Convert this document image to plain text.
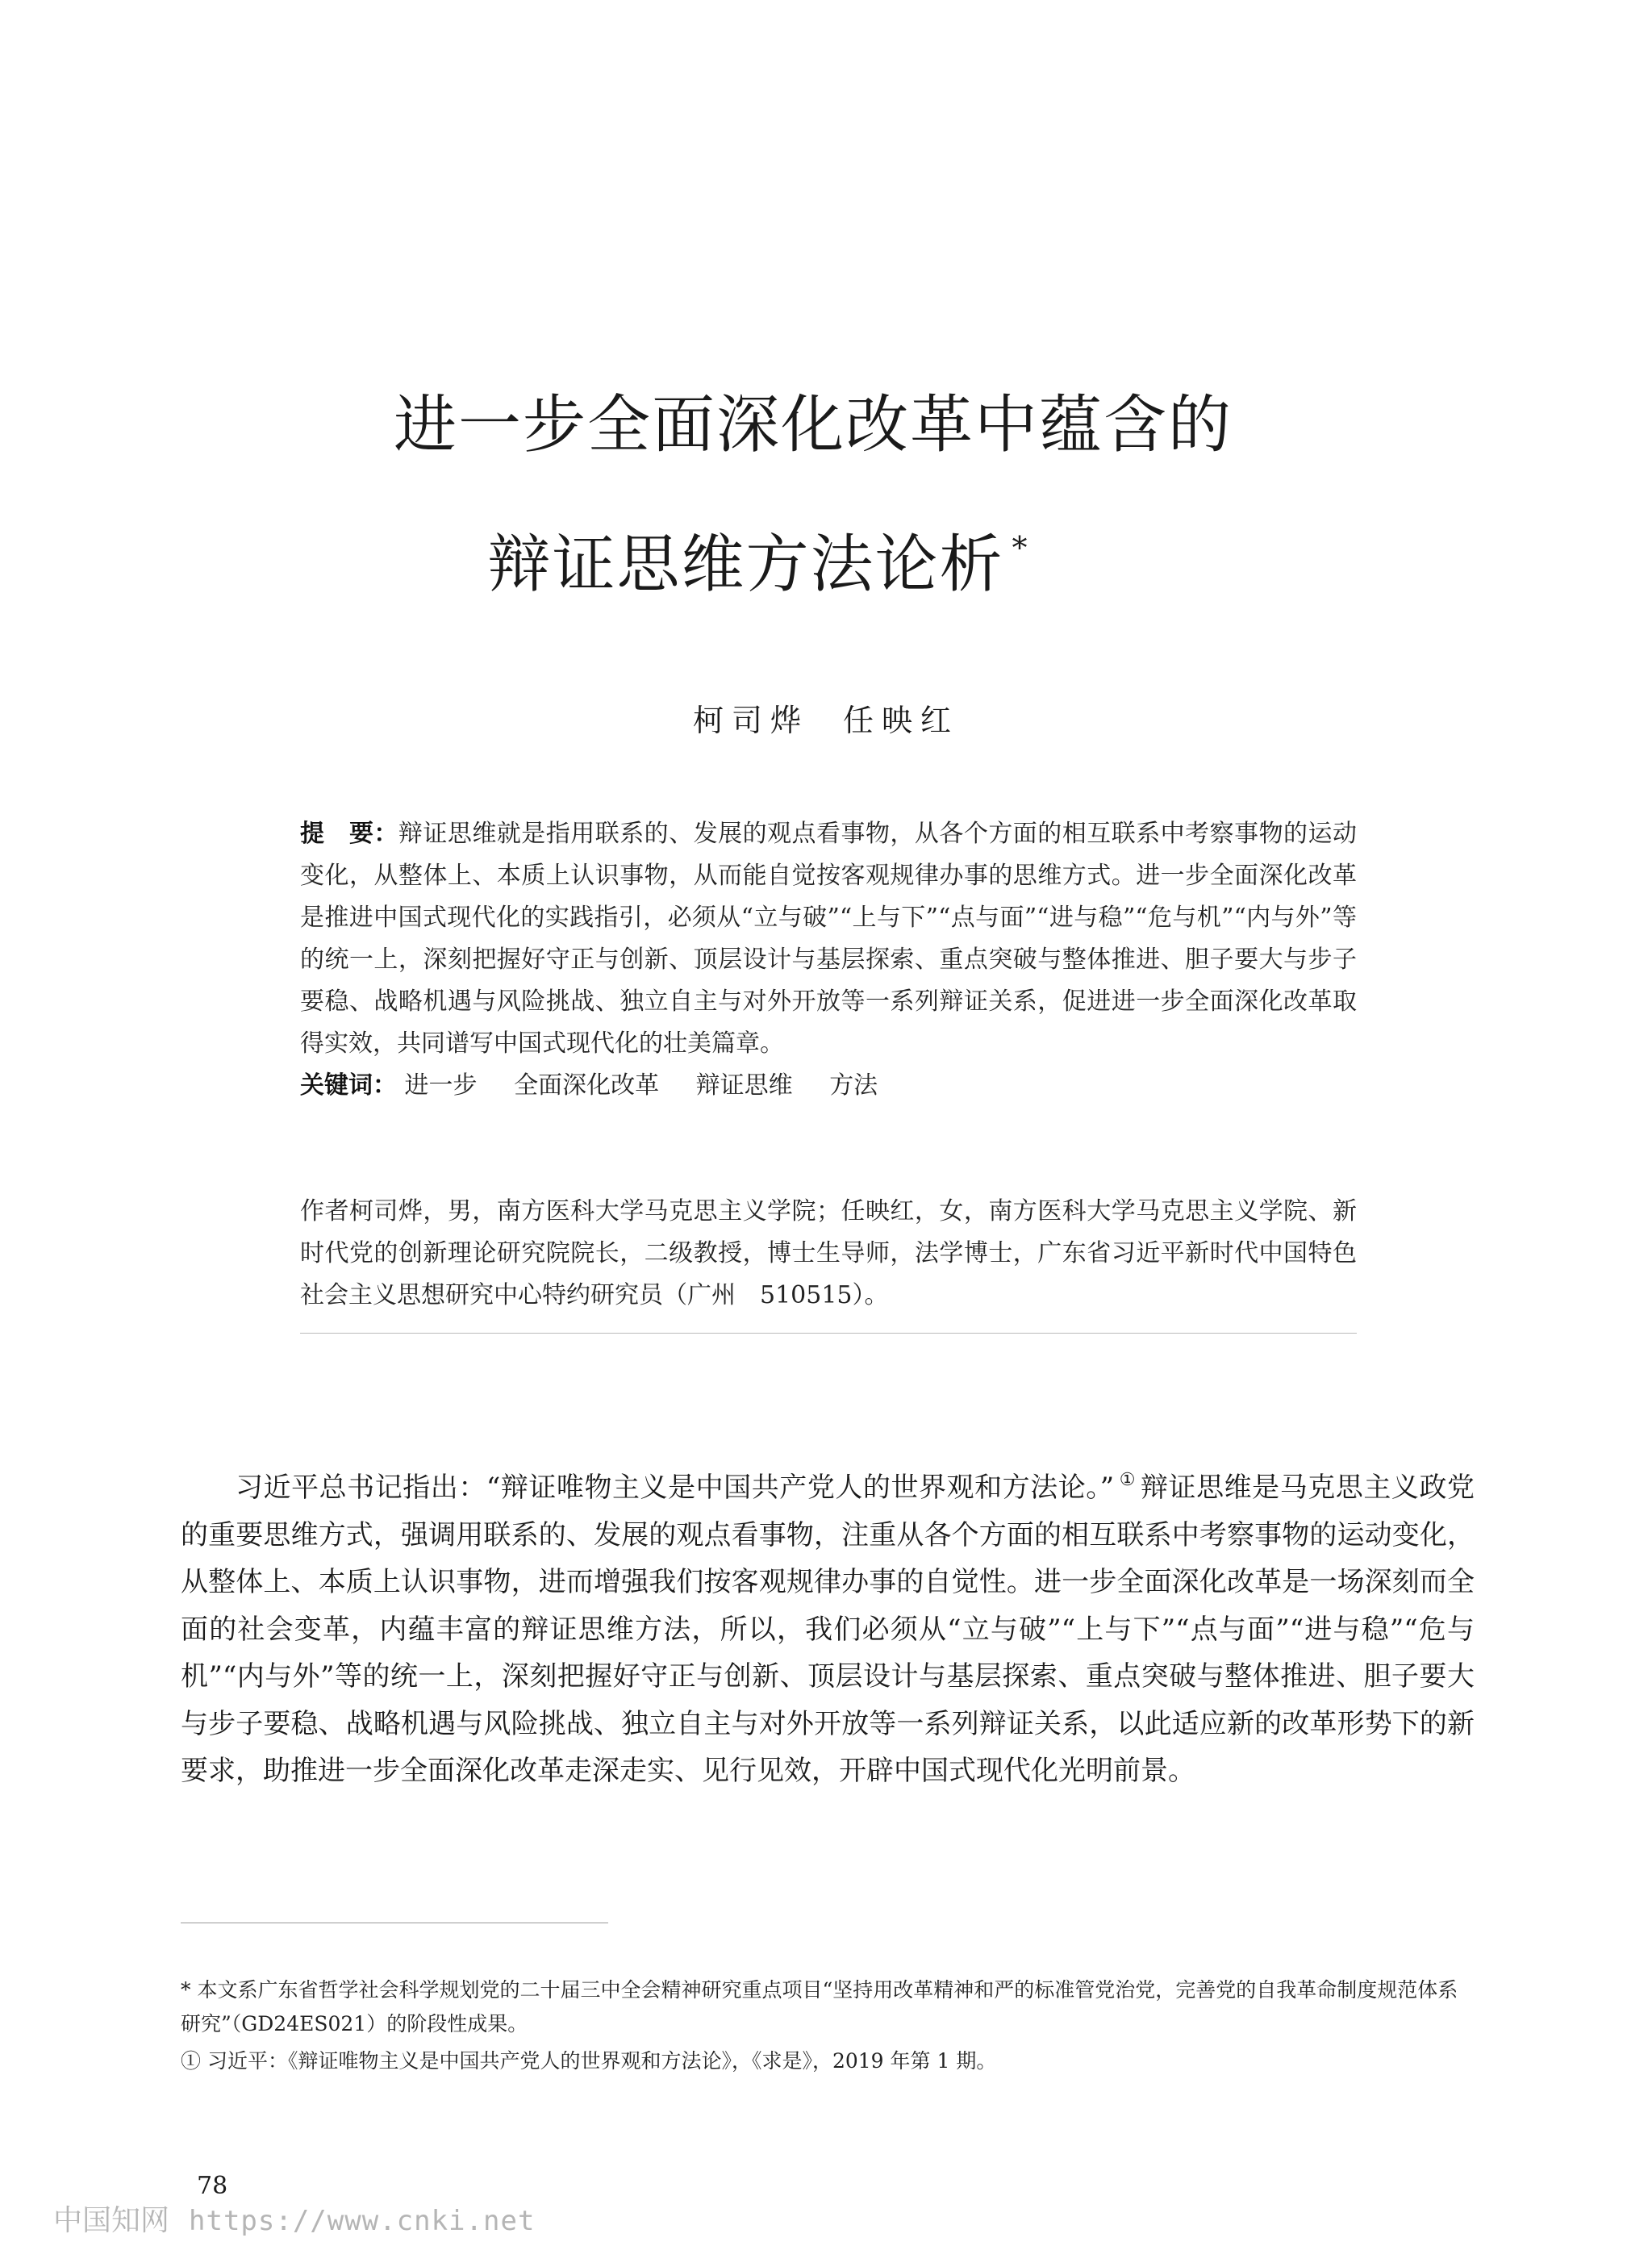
进一步全面深化改革中蕴含的
辩证思维方法论析 *
柯司烨 任映红
提　要：辩证思维就是指用联系的、发展的观点看事物，从各个方面的相互联系中考察事物的运动变化，从整体上、本质上认识事物，从而能自觉按客观规律办事的思维方式。进一步全面深化改革是推进中国式现代化的实践指引，必须从“立与破”“上与下”“点与面”“进与稳”“危与机”“内与外”等的统一上，深刻把握好守正与创新、顶层设计与基层探索、重点突破与整体推进、胆子要大与步子要稳、战略机遇与风险挑战、独立自主与对外开放等一系列辩证关系，促进进一步全面深化改革取得实效，共同谱写中国式现代化的壮美篇章。
关键词： 进一步 全面深化改革 辩证思维 方法
作者柯司烨，男，南方医科大学马克思主义学院；任映红，女，南方医科大学马克思主义学院、新时代党的创新理论研究院院长，二级教授，博士生导师，法学博士，广东省习近平新时代中国特色社会主义思想研究中心特约研究员（广州　510515）。

习近平总书记指出：“辩证唯物主义是中国共产党人的世界观和方法论。” ① 辩证思维是马克思主义政党的重要思维方式，强调用联系的、发展的观点看事物，注重从各个方面的相互联系中考察事物的运动变化，从整体上、本质上认识事物，进而增强我们按客观规律办事的自觉性。进一步全面深化改革是一场深刻而全面的社会变革，内蕴丰富的辩证思维方法，所以，我们必须从“立与破”“上与下”“点与面”“进与稳”“危与机”“内与外”等的统一上，深刻把握好守正与创新、顶层设计与基层探索、重点突破与整体推进、胆子要大与步子要稳、战略机遇与风险挑战、独立自主与对外开放等一系列辩证关系，以此适应新的改革形势下的新要求，助推进一步全面深化改革走深走实、见行见效，开辟中国式现代化光明前景。

* 本文系广东省哲学社会科学规划党的二十届三中全会精神研究重点项目“坚持用改革精神和严的标准管党治党，完善党的自我革命制度规范体系研究”（GD24ES021）的阶段性成果。

① 习近平：《辩证唯物主义是中国共产党人的世界观和方法论》，《求是》，2019 年第 1 期。

78
中国知网 https://www.cnki.net
